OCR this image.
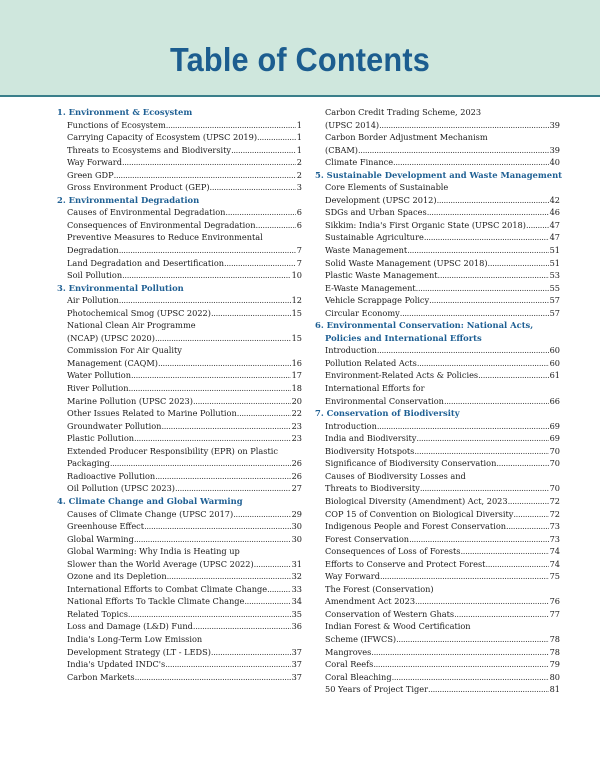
Table of Contents
1. Environment & Ecosystem
Functions of Ecosystem .....	1
Carrying Capacity of Ecosystem (UPSC 2019) .....	1
Threats to Ecosystems and Biodiversity .....	1
Way Forward .....	2
Green GDP .....	2
Gross Environment Product (GEP) .....	3
2. Environmental Degradation
Causes of Environmental Degradation .....	6
Consequences of Environmental Degradation .....	6
Preventive Measures to Reduce Environmental
Degradation .....	7
Land Degradation and Desertification .....	7
Soil Pollution .....	10
3. Environmental Pollution
Air Pollution .....	12
Photochemical Smog (UPSC 2022) .....	15
National Clean Air Programme
(NCAP) (UPSC 2020) .....	15
Commission For Air Quality
Management (CAQM) .....	16
Water Pollution .....	17
River Pollution .....	18
Marine Pollution (UPSC 2023) .....	20
Other Issues Related to Marine Pollution .....	22
Groundwater Pollution .....	23
Plastic Pollution .....	23
Extended Producer Responsibility (EPR) on Plastic
Packaging .....	26
Radioactive Pollution .....	26
Oil Pollution (UPSC 2023) .....	27
4. Climate Change and Global Warming
Causes of Climate Change (UPSC 2017) .....	29
Greenhouse Effect .....	30
Global Warming .....	30
Global Warming: Why India is Heating up
Slower than the World Average (UPSC 2022) .....	31
Ozone and its Depletion .....	32
International Efforts to Combat Climate Change .....	33
National Efforts To Tackle Climate Change .....	34
Related Topics .....	35
Loss and Damage (L&D) Fund .....	36
India's Long-Term Low Emission
Development Strategy (LT - LEDS) .....	37
India's Updated INDC's .....	37
Carbon Markets .....	37
Carbon Credit Trading Scheme, 2023
(UPSC 2014) .....	39
Carbon Border Adjustment Mechanism
(CBAM) .....	39
Climate Finance .....	40
5. Sustainable Development and Waste Management
Core Elements of Sustainable
Development (UPSC 2012) .....	42
SDGs and Urban Spaces .....	46
Sikkim: India's First Organic State (UPSC 2018) .....	47
Sustainable Agriculture .....	47
Waste Management .....	51
Solid Waste Management (UPSC 2018) .....	51
Plastic Waste Management .....	53
E-Waste Management .....	55
Vehicle Scrappage Policy .....	57
Circular Economy .....	57
6. Environmental Conservation: National Acts,
Policies and International Efforts
Introduction .....	60
Pollution Related Acts .....	60
Environment-Related Acts & Policies .....	61
International Efforts for
Environmental Conservation .....	66
7. Conservation of Biodiversity
Introduction .....	69
India and Biodiversity .....	69
Biodiversity Hotspots .....	70
Significance of Biodiversity Conservation .....	70
Causes of Biodiversity Losses and
Threats to Biodiversity .....	70
Biological Diversity (Amendment) Act, 2023 .....	72
COP 15 of Convention on Biological Diversity .....	72
Indigenous People and Forest Conservation .....	73
Forest Conservation .....	73
Consequences of Loss of Forests .....	74
Efforts to Conserve and Protect Forest .....	74
Way Forward .....	75
The Forest (Conservation)
Amendment Act 2023 .....	76
Conservation of Western Ghats .....	77
Indian Forest & Wood Certification
Scheme (IFWCS) .....	78
Mangroves .....	78
Coral Reefs .....	79
Coral Bleaching .....	80
50 Years of Project Tiger .....	81
